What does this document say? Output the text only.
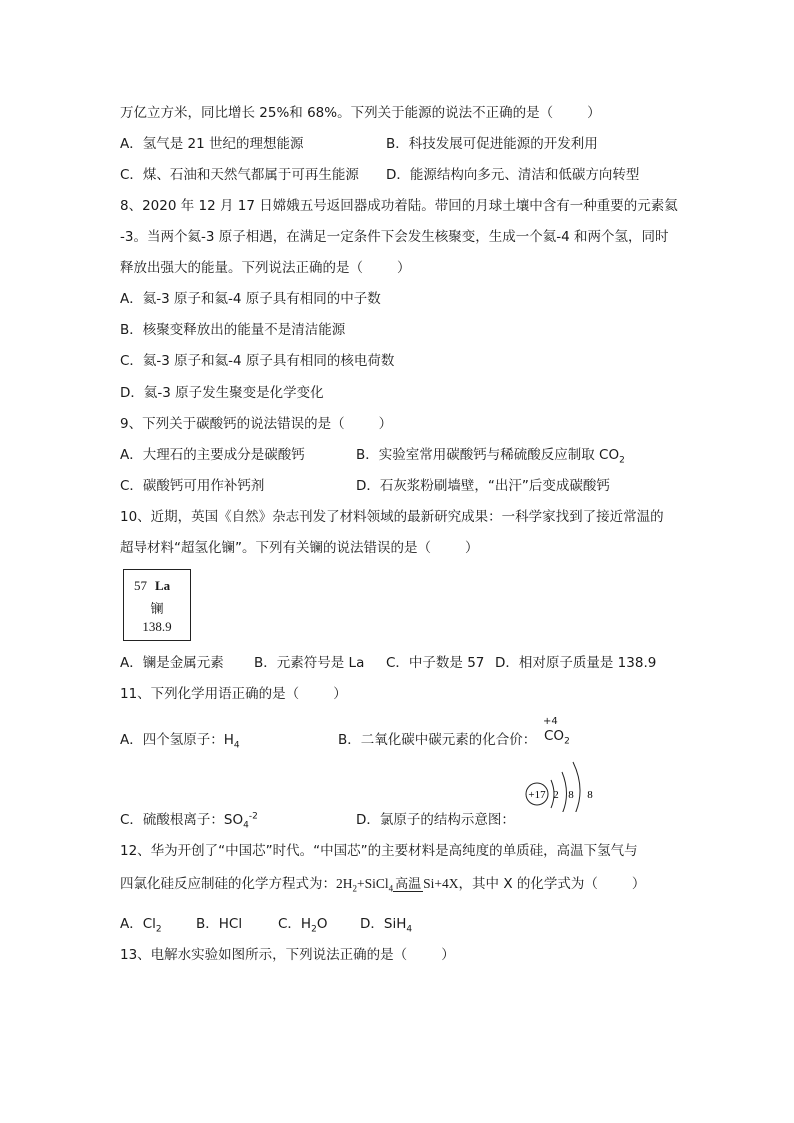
万亿立方米，同比增长 25%和 68%。下列关于能源的说法不正确的是（	）
A．氢气是 21 世纪的理想能源	B．科技发展可促进能源的开发利用
C．煤、石油和天然气都属于可再生能源 D．能源结构向多元、清洁和低碳方向转型
8、2020 年 12 月 17 日嫦娥五号返回器成功着陆。带回的月球土壤中含有一种重要的元素氦
-3。当两个氦-3 原子相遇，在满足一定条件下会发生核聚变，生成一个氦-4 和两个氢，同时
释放出强大的能量。下列说法正确的是（	）
A．氦-3 原子和氦-4 原子具有相同的中子数
B．核聚变释放出的能量不是清洁能源
C．氦-3 原子和氦-4 原子具有相同的核电荷数
D．氦-3 原子发生聚变是化学变化
9、下列关于碳酸钙的说法错误的是（	）
A．大理石的主要成分是碳酸钙	B．实验室常用碳酸钙与稀硫酸反应制取 $CO_2$
C．碳酸钙可用作补钙剂	D．石灰浆粉刷墙壁，“出汗”后变成碳酸钙
10、近期，英国《自然》杂志刊发了材料领域的最新研究成果：一科学家找到了接近常温的
超导材料“超氢化镧”。下列有关镧的说法错误的是（	）
57 La
镧
138.9
A．镧是金属元素 B．元素符号是 La C．中子数是 57 D．相对原子质量是 138.9
11、下列化学用语正确的是（	）
A．四个氢原子：$H_4$	B．二氧化碳中碳元素的化合价：
+4
$CO_2$
C．硫酸根离子：$SO_4^{-2}$	D．氯原子的结构示意图：
+17 2 8 8
12、华为开创了“中国芯”时代。“中国芯”的主要材料是高纯度的单质硅，高温下氢气与
四氯化硅反应制硅的化学方程式为：$2H_2+SiCl_4$ 高温 Si+4X，其中 X 的化学式为（	）
A．$Cl_2$	B．HCl	C．$H_2O$ D．SiH$_4$
13、电解水实验如图所示，下列说法正确的是（	）
